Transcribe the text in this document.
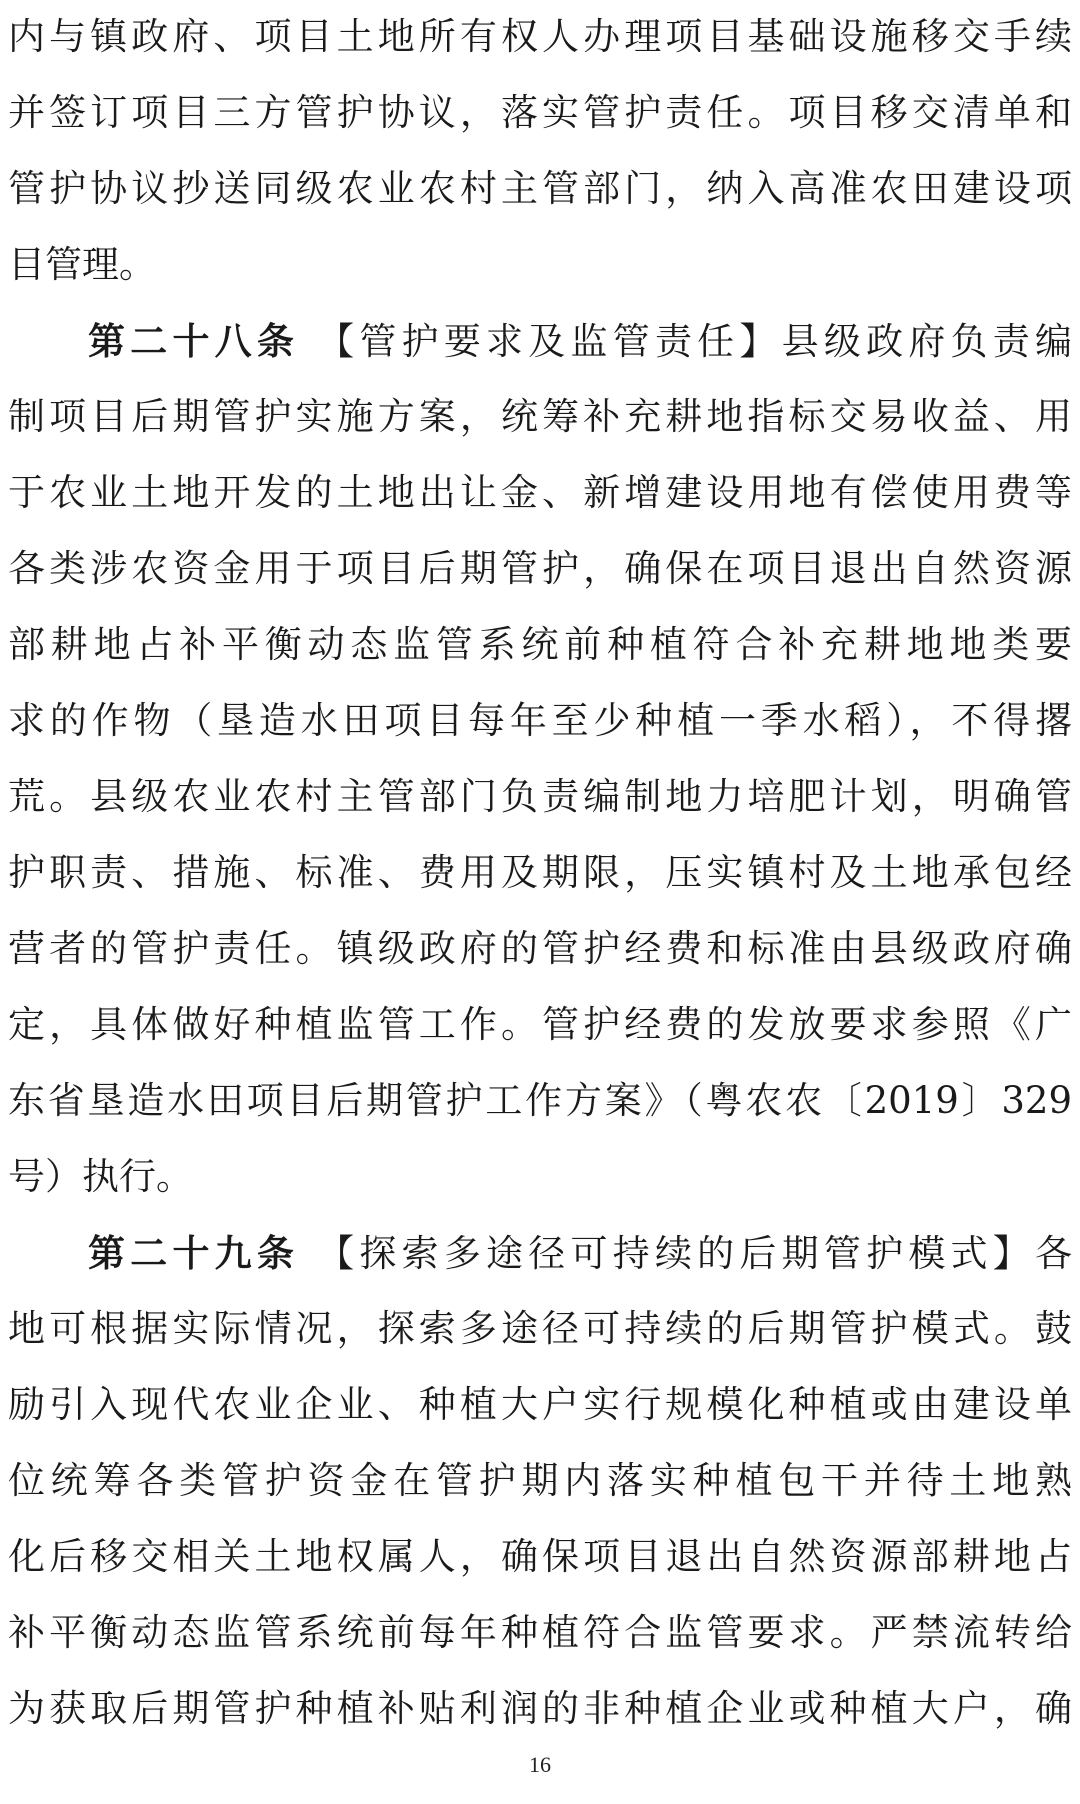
内与镇政府、项目土地所有权人办理项目基础设施移交手续
并签订项目三方管护协议，落实管护责任。项目移交清单和
管护协议抄送同级农业农村主管部门，纳入高准农田建设项
目管理。
第二十八条 【管护要求及监管责任】县级政府负责编
制项目后期管护实施方案，统筹补充耕地指标交易收益、用
于农业土地开发的土地出让金、新增建设用地有偿使用费等
各类涉农资金用于项目后期管护，确保在项目退出自然资源
部耕地占补平衡动态监管系统前种植符合补充耕地地类要
求的作物（垦造水田项目每年至少种植一季水稻），不得撂
荒。县级农业农村主管部门负责编制地力培肥计划，明确管
护职责、措施、标准、费用及期限，压实镇村及土地承包经
营者的管护责任。镇级政府的管护经费和标准由县级政府确
定，具体做好种植监管工作。管护经费的发放要求参照《广
东省垦造水田项目后期管护工作方案》（粤农农〔2019〕329
号）执行。
第二十九条 【探索多途径可持续的后期管护模式】各
地可根据实际情况，探索多途径可持续的后期管护模式。鼓
励引入现代农业企业、种植大户实行规模化种植或由建设单
位统筹各类管护资金在管护期内落实种植包干并待土地熟
化后移交相关土地权属人，确保项目退出自然资源部耕地占
补平衡动态监管系统前每年种植符合监管要求。严禁流转给
为获取后期管护种植补贴利润的非种植企业或种植大户，确
16
